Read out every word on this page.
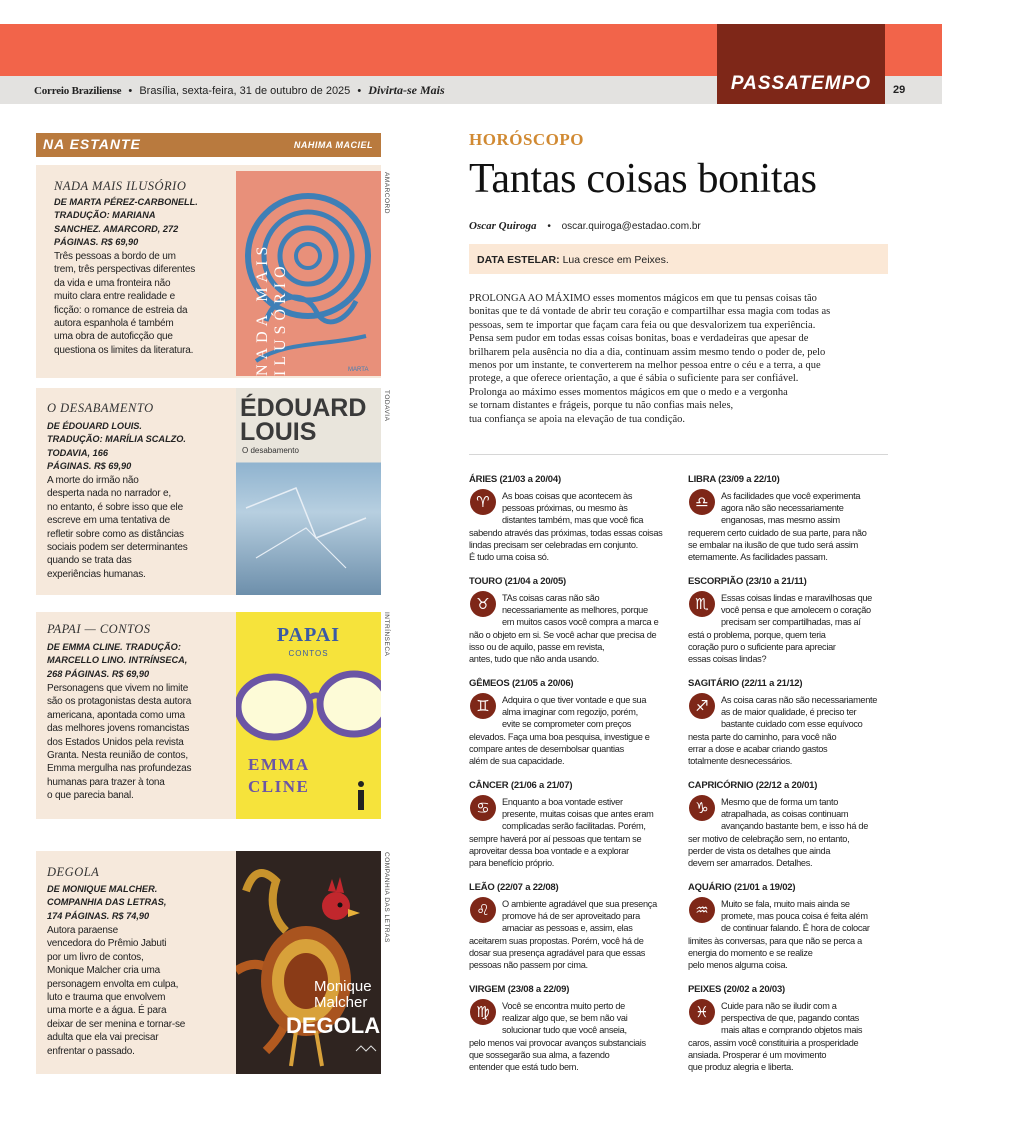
Correio Braziliense • Brasília, sexta-feira, 31 de outubro de 2025 • Divirta-se Mais	PASSATEMPO	29
NA ESTANTE	NAHIMA MACIEL
NADA MAIS ILUSÓRIO
DE MARTA PÉREZ-CARBONELL.
TRADUÇÃO: MARIANA
SANCHEZ. AMARCORD, 272
PÁGINAS. R$ 69,90
Três pessoas a bordo de um
trem, três perspectivas diferentes
da vida e uma fronteira não
muito clara entre realidade e
ficção: o romance de estreia da
autora espanhola é também
uma obra de autoficção que
questiona os limites da literatura.
MARTA
NADA MAIS ILUSÓRIO
AMARCORD
O DESABAMENTO
DE ÉDOUARD LOUIS.
TRADUÇÃO: MARÍLIA SCALZO.
TODAVIA, 166
PÁGINAS. R$ 69,90
A morte do irmão não
desperta nada no narrador e,
no entanto, é sobre isso que ele
escreve em uma tentativa de
refletir sobre como as distâncias
sociais podem ser determinantes
quando se trata das
experiências humanas.
ÉDOUARD
LOUIS
O desabamento
TODAVIA
PAPAI — CONTOS
DE EMMA CLINE. TRADUÇÃO:
MARCELLO LINO. INTRÍNSECA,
268 PÁGINAS. R$ 69,90
Personagens que vivem no limite
são os protagonistas desta autora
americana, apontada como uma
das melhores jovens romancistas
dos Estados Unidos pela revista
Granta. Nesta reunião de contos,
Emma mergulha nas profundezas
humanas para trazer à tona
o que parecia banal.
PAPAI
CONTOS
EMMA
CLINE
INTRÍNSECA
DEGOLA
DE MONIQUE MALCHER.
COMPANHIA DAS LETRAS,
174 PÁGINAS. R$ 74,90
Autora paraense
vencedora do Prêmio Jabuti
por um livro de contos,
Monique Malcher cria uma
personagem envolta em culpa,
luto e trauma que envolvem
uma morte e a água. É para
deixar de ser menina e tornar-se
adulta que ela vai precisar
enfrentar o passado.
Monique
Malcher
DEGOLA
COMPANHIA DAS LETRAS
HORÓSCOPO
Tantas coisas bonitas
Oscar Quiroga • oscar.quiroga@estadao.com.br
DATA ESTELAR: Lua cresce em Peixes.
PROLONGA AO MÁXIMO esses momentos mágicos em que tu pensas coisas tão
bonitas que te dá vontade de abrir teu coração e compartilhar essa magia com todas as
pessoas, sem te importar que façam cara feia ou que desvalorizem tua experiência.
Pensa sem pudor em todas essas coisas bonitas, boas e verdadeiras que apesar de
brilharem pela ausência no dia a dia, continuam assim mesmo tendo o poder de, pelo
menos por um instante, te converterem na melhor pessoa entre o céu e a terra, a que
protege, a que oferece orientação, a que é sábia o suficiente para ser confiável.
Prolonga ao máximo esses momentos mágicos em que o medo e a vergonha
se tornam distantes e frágeis, porque tu não confias mais neles,
tua confiança se apoia na elevação de tua condição.
ÁRIES (21/03 a 20/04)
♈	As boas coisas que acontecem às
pessoas próximas, ou mesmo às
distantes também, mas que você fica
sabendo através das próximas, todas essas coisas
lindas precisam ser celebradas em conjunto.
É tudo uma coisa só.
TOURO (21/04 a 20/05)
♉	TAs coisas caras não são
necessariamente as melhores, porque
em muitos casos você compra a marca e
não o objeto em si. Se você achar que precisa de
isso ou de aquilo, passe em revista,
antes, tudo que não anda usando.
GÊMEOS (21/05 a 20/06)
♊	Adquira o que tiver vontade e que sua
alma imaginar com regozijo, porém,
evite se comprometer com preços
elevados. Faça uma boa pesquisa, investigue e
compare antes de desembolsar quantias
além de sua capacidade.
CÂNCER (21/06 a 21/07)
♋	Enquanto a boa vontade estiver
presente, muitas coisas que antes eram
complicadas serão facilitadas. Porém,
sempre haverá por aí pessoas que tentam se
aproveitar dessa boa vontade e a explorar
para benefício próprio.
LEÃO (22/07 a 22/08)
♌	O ambiente agradável que sua presença
promove há de ser aproveitado para
amaciar as pessoas e, assim, elas
aceitarem suas propostas. Porém, você há de
dosar sua presença agradável para que essas
pessoas não passem por cima.
VIRGEM (23/08 a 22/09)
♍	Você se encontra muito perto de
realizar algo que, se bem não vai
solucionar tudo que você anseia,
pelo menos vai provocar avanços substanciais
que sossegarão sua alma, a fazendo
entender que está tudo bem.
LIBRA (23/09 a 22/10)
♎	As facilidades que você experimenta
agora não são necessariamente
enganosas, mas mesmo assim
requerem certo cuidado de sua parte, para não
se embalar na ilusão de que tudo será assim
eternamente. As facilidades passam.
ESCORPIÃO (23/10 a 21/11)
♏	Essas coisas lindas e maravilhosas que
você pensa e que amolecem o coração
precisam ser compartilhadas, mas aí
está o problema, porque, quem teria
coração puro o suficiente para apreciar
essas coisas lindas?
SAGITÁRIO (22/11 a 21/12)
♐	As coisa caras não são necessariamente
as de maior qualidade, é preciso ter
bastante cuidado com esse equívoco
nesta parte do caminho, para você não
errar a dose e acabar criando gastos
totalmente desnecessários.
CAPRICÓRNIO (22/12 a 20/01)
♑	Mesmo que de forma um tanto
atrapalhada, as coisas continuam
avançando bastante bem, e isso há de
ser motivo de celebração sem, no entanto,
perder de vista os detalhes que ainda
devem ser amarrados. Detalhes.
AQUÁRIO (21/01 a 19/02)
♒	Muito se fala, muito mais ainda se
promete, mas pouca coisa é feita além
de continuar falando. É hora de colocar
limites às conversas, para que não se perca a
energia do momento e se realize
pelo menos alguma coisa.
PEIXES (20/02 a 20/03)
♓	Cuide para não se iludir com a
perspectiva de que, pagando contas
mais altas e comprando objetos mais
caros, assim você constituiria a prosperidade
ansiada. Prosperar é um movimento
que produz alegria e liberta.
